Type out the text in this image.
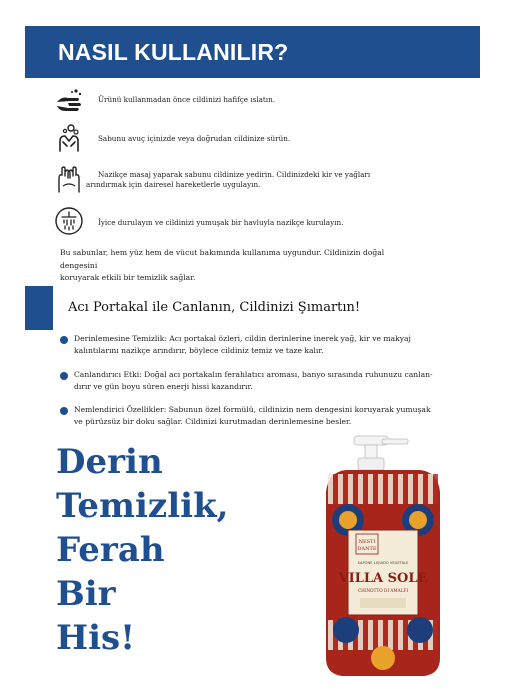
NASIL KULLANILIR?
Ürünü kullanmadan önce cildinizi hafifçe ıslatın.
Sabunu avuç içinizde veya doğrudan cildinize sürün.
Nazikçe masaj yaparak sabunu cildinize yedirin. Cildinizdeki kir ve yağları
arındırmak için dairesel hareketlerle uygulayın.
İyice durulayın ve cildinizi yumuşak bir havluyla nazikçe kurulayın.
Bu sabunlar, hem yüz hem de vücut bakımında kullanıma uygundur. Cildinizin doğal dengesini
koruyarak etkili bir temizlik sağlar.
Acı Portakal ile Canlanın, Cildinizi Şımartın!
Derinlemesine Temizlik: Acı portakal özleri, cildin derinlerine inerek yağ, kir ve makyaj
kalıntılarını nazikçe arındırır, böylece cildiniz temiz ve taze kalır.
Canlandırıcı Etki: Doğal acı portakalın ferahlatıcı aroması, banyo sırasında ruhunuzu canlan-
dırır ve gün boyu süren enerji hissi kazandırır.
Nemlendirici Özellikler: Sabunun özel formülü, cildinizin nem dengesini koruyarak yumuşak
ve pürüzsüz bir doku sağlar. Cildinizi kurutmadan derinlemesine besler.
Derin
Temizlik,
Ferah
Bir
His!
NESTI
DANTE
SAPONE LIQUIDO VEGETALE
VILLA SOLE
CHINOTTO DI AMALFI
